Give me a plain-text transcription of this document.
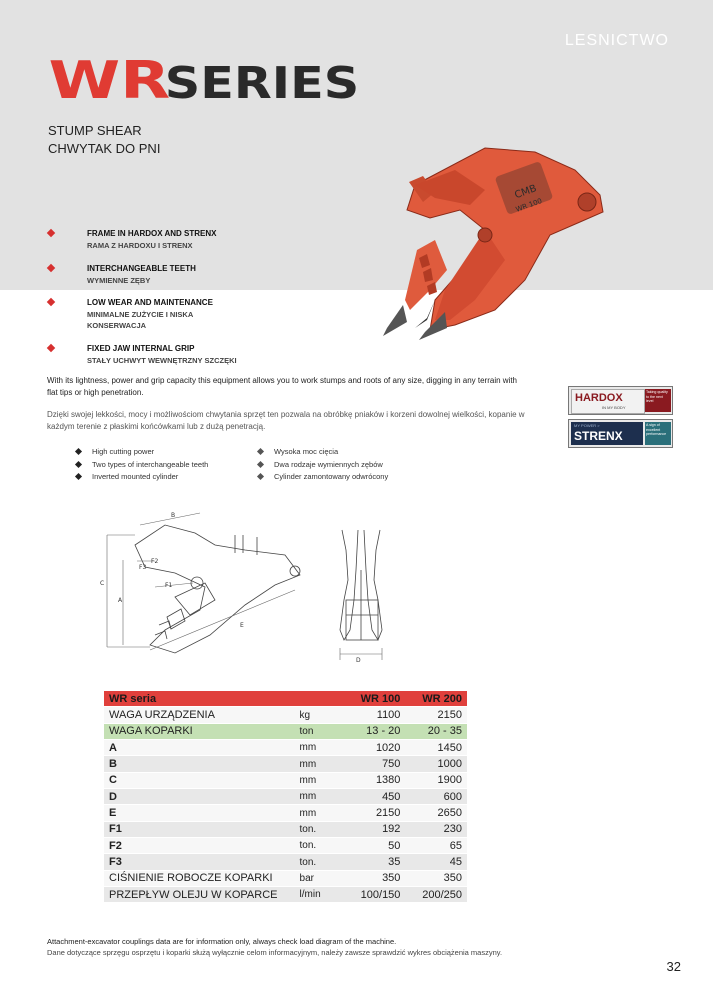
LESNICTWO
WR
SERIES
STUMP SHEAR
CHWYTAK DO PNI
CMB
WR 100
FRAME IN HARDOX AND STRENX
RAMA Z HARDOXU I STRENX
INTERCHANGEABLE TEETH
WYMIENNE ZĘBY
LOW WEAR AND MAINTENANCE
MINIMALNE ZUŻYCIE I NISKA KONSERWACJA
FIXED JAW INTERNAL GRIP
STAŁY UCHWYT WEWNĘTRZNY SZCZĘKI
With its lightness, power and grip capacity this equipment allows you to work stumps and roots of any size, digging in any terrain with flat tips or high penetration.
Dzięki swojej lekkości, mocy i możliwościom chwytania sprzęt ten pozwala na obróbkę pniaków i korzeni dowolnej wielkości, kopanie w każdym terenie z płaskimi końcówkami lub z dużą penetracją.
HARDOX
IN MY BODY
Taking quality to the next level
MY POWER >
STRENX
A sign of excellent performance
High cutting power
Two types of interchangeable teeth
Inverted mounted cylinder
Wysoka moc cięcia
Dwa rodzaje wymiennych zębów
Cylinder zamontowany odwrócony
B
C
A
E
F1
F2
F3
D
WR seria		WR 100	WR 200
WAGA URZĄDZENIA	kg	1100	2150
WAGA KOPARKI	ton	13 - 20	20 - 35
A	mm	1020	1450
B	mm	750	1000
C	mm	1380	1900
D	mm	450	600
E	mm	2150	2650
F1	ton.	192	230
F2	ton.	50	65
F3	ton.	35	45
CIŚNIENIE ROBOCZE KOPARKI	bar	350	350
PRZEPŁYW OLEJU W KOPARCE	l/min	100/150	200/250
Attachment-excavator couplings data are for information only, always check load diagram of the machine.
Dane dotyczące sprzęgu osprzętu i koparki służą wyłącznie celom informacyjnym, należy zawsze sprawdzić wykres obciążenia maszyny.
32
